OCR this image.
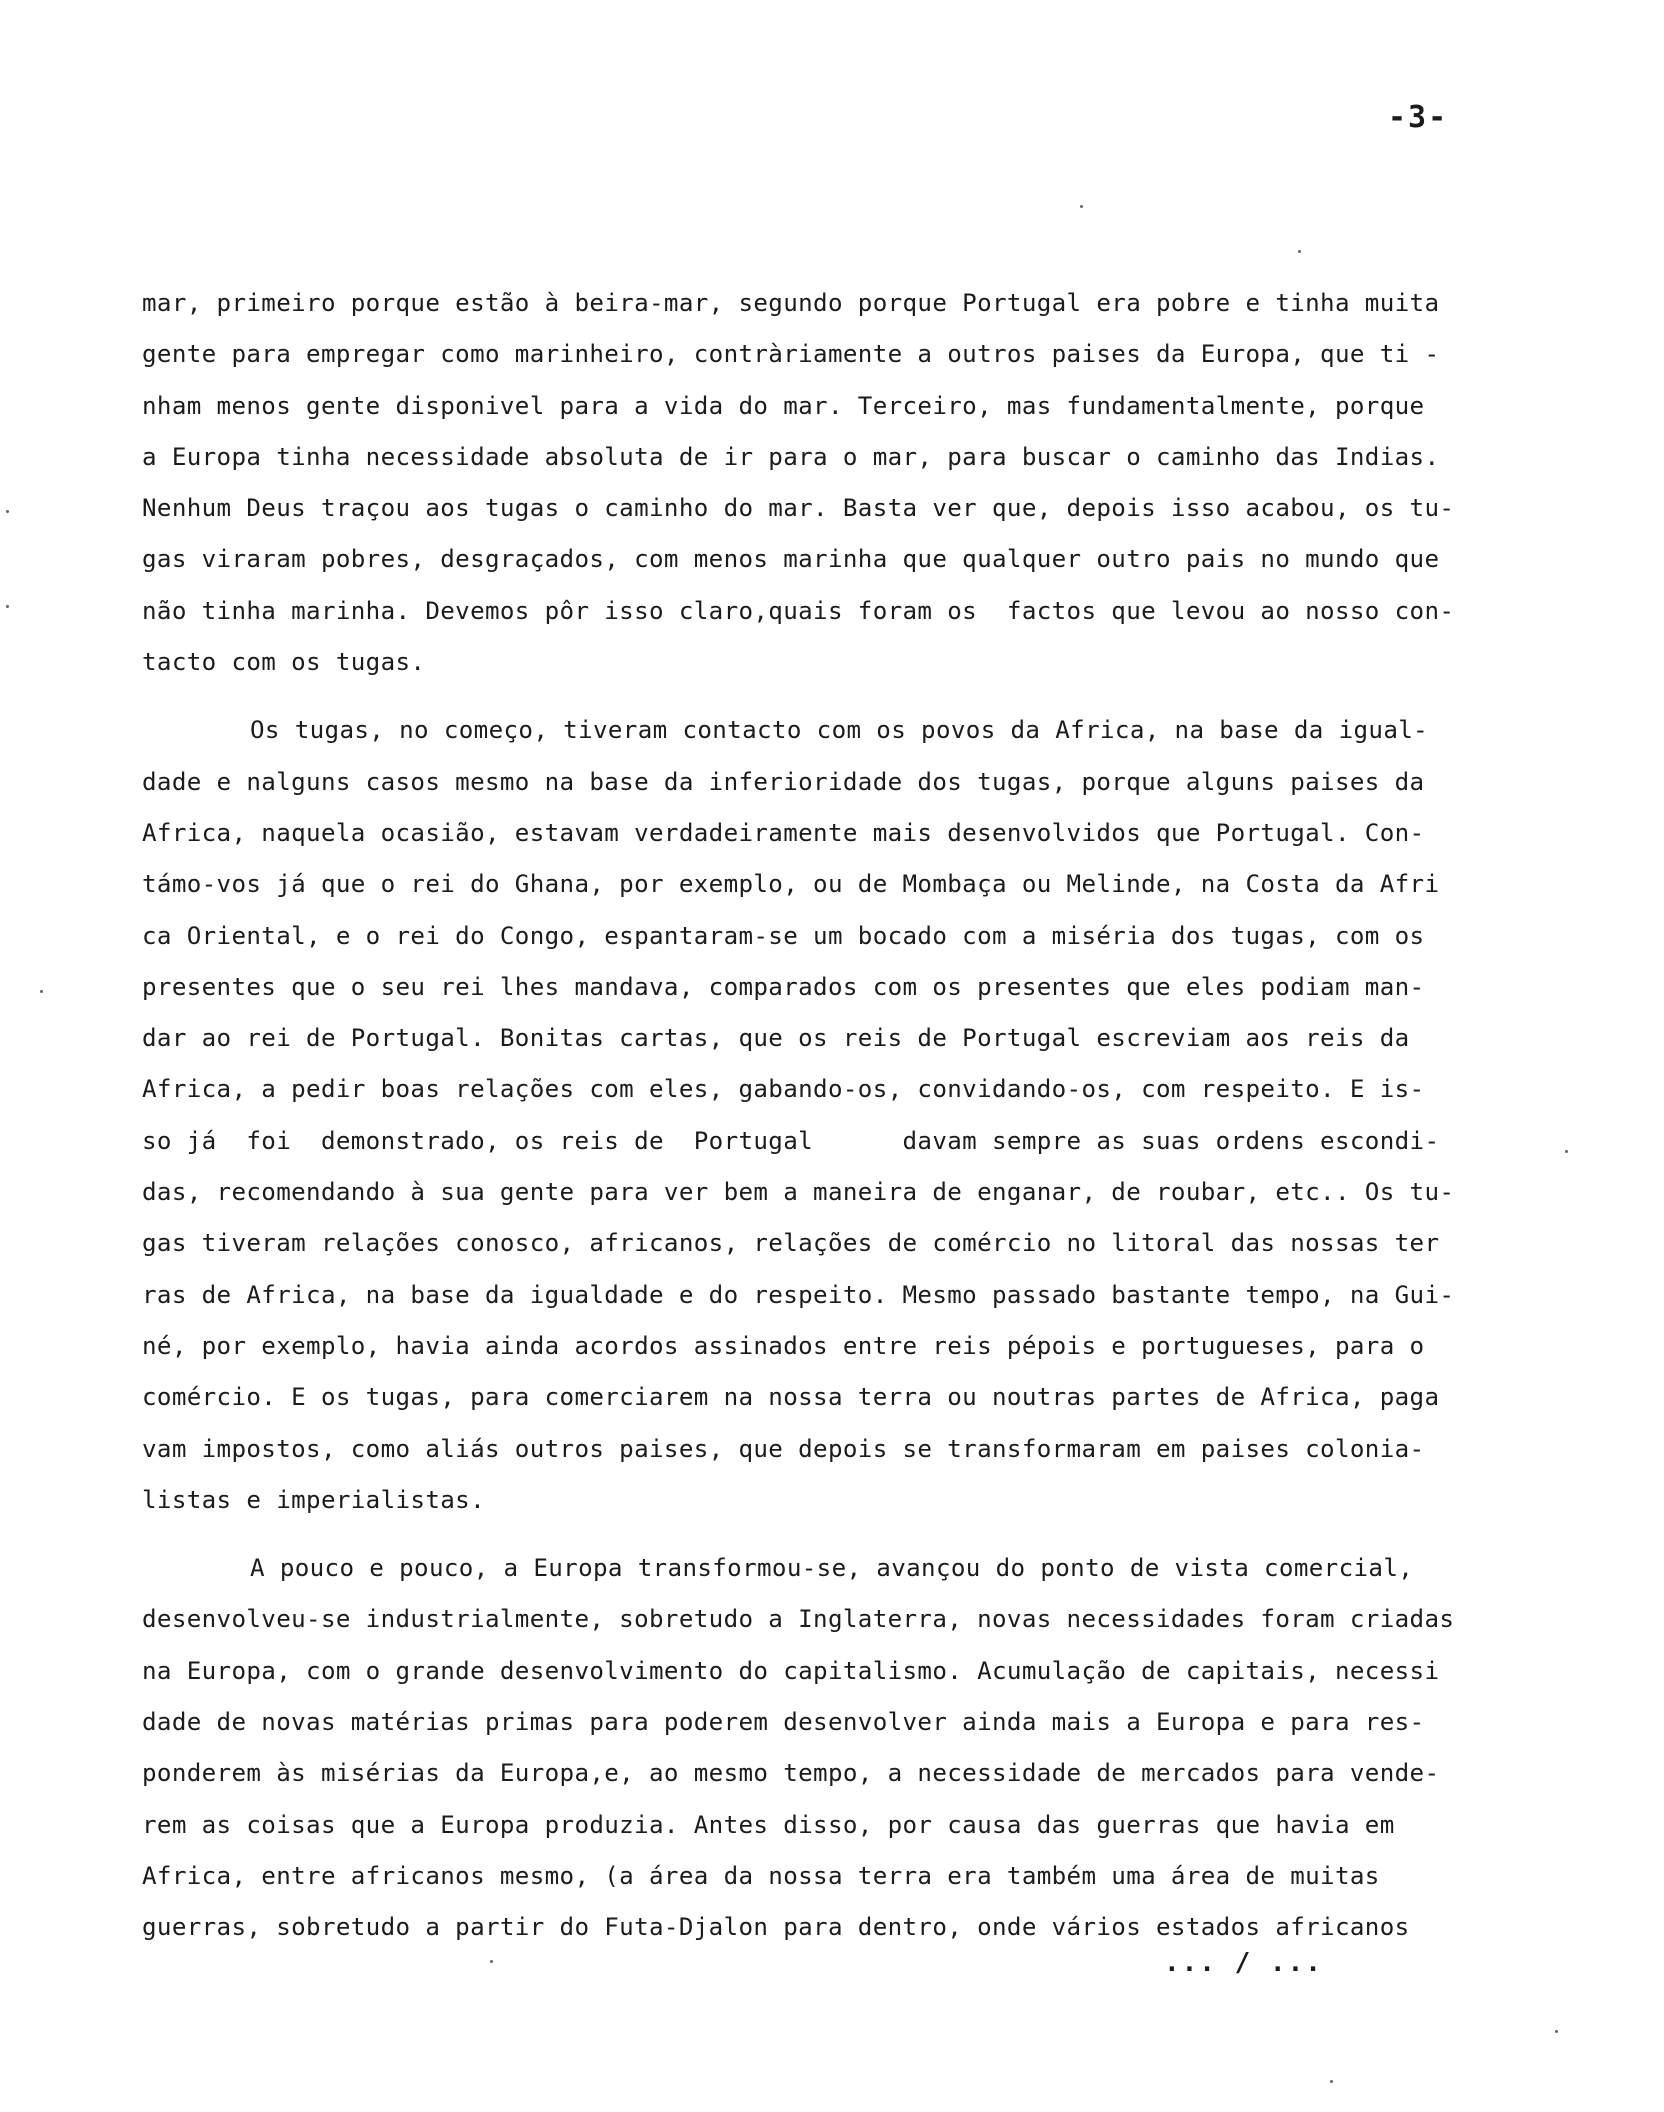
-3-
mar, primeiro porque estão à beira-mar, segundo porque Portugal era pobre e tinha muita
gente para empregar como marinheiro, contràriamente a outros paises da Europa, que ti -
nham menos gente disponivel para a vida do mar. Terceiro, mas fundamentalmente, porque
a Europa tinha necessidade absoluta de ir para o mar, para buscar o caminho das Indias.
Nenhum Deus traçou aos tugas o caminho do mar. Basta ver que, depois isso acabou, os tu-
gas viraram pobres, desgraçados, com menos marinha que qualquer outro pais no mundo que
não tinha marinha. Devemos pôr isso claro,quais foram os  factos que levou ao nosso con-
tacto com os tugas.
Os tugas, no começo, tiveram contacto com os povos da Africa, na base da igual-
dade e nalguns casos mesmo na base da inferioridade dos tugas, porque alguns paises da
Africa, naquela ocasião, estavam verdadeiramente mais desenvolvidos que Portugal. Con-
támo-vos já que o rei do Ghana, por exemplo, ou de Mombaça ou Melinde, na Costa da Afri
ca Oriental, e o rei do Congo, espantaram-se um bocado com a miséria dos tugas, com os
presentes que o seu rei lhes mandava, comparados com os presentes que eles podiam man-
dar ao rei de Portugal. Bonitas cartas, que os reis de Portugal escreviam aos reis da
Africa, a pedir boas relações com eles, gabando-os, convidando-os, com respeito. E is-
so já  foi  demonstrado, os reis de  Portugal      davam sempre as suas ordens escondi-
das, recomendando à sua gente para ver bem a maneira de enganar, de roubar, etc.. Os tu-
gas tiveram relações conosco, africanos, relações de comércio no litoral das nossas ter
ras de Africa, na base da igualdade e do respeito. Mesmo passado bastante tempo, na Gui-
né, por exemplo, havia ainda acordos assinados entre reis pépois e portugueses, para o
comércio. E os tugas, para comerciarem na nossa terra ou noutras partes de Africa, paga
vam impostos, como aliás outros paises, que depois se transformaram em paises colonia-
listas e imperialistas.
A pouco e pouco, a Europa transformou-se, avançou do ponto de vista comercial,
desenvolveu-se industrialmente, sobretudo a Inglaterra, novas necessidades foram criadas
na Europa, com o grande desenvolvimento do capitalismo. Acumulação de capitais, necessi
dade de novas matérias primas para poderem desenvolver ainda mais a Europa e para res-
ponderem às misérias da Europa,e, ao mesmo tempo, a necessidade de mercados para vende-
rem as coisas que a Europa produzia. Antes disso, por causa das guerras que havia em
Africa, entre africanos mesmo, (a área da nossa terra era também uma área de muitas
guerras, sobretudo a partir do Futa-Djalon para dentro, onde vários estados africanos
... / ...
